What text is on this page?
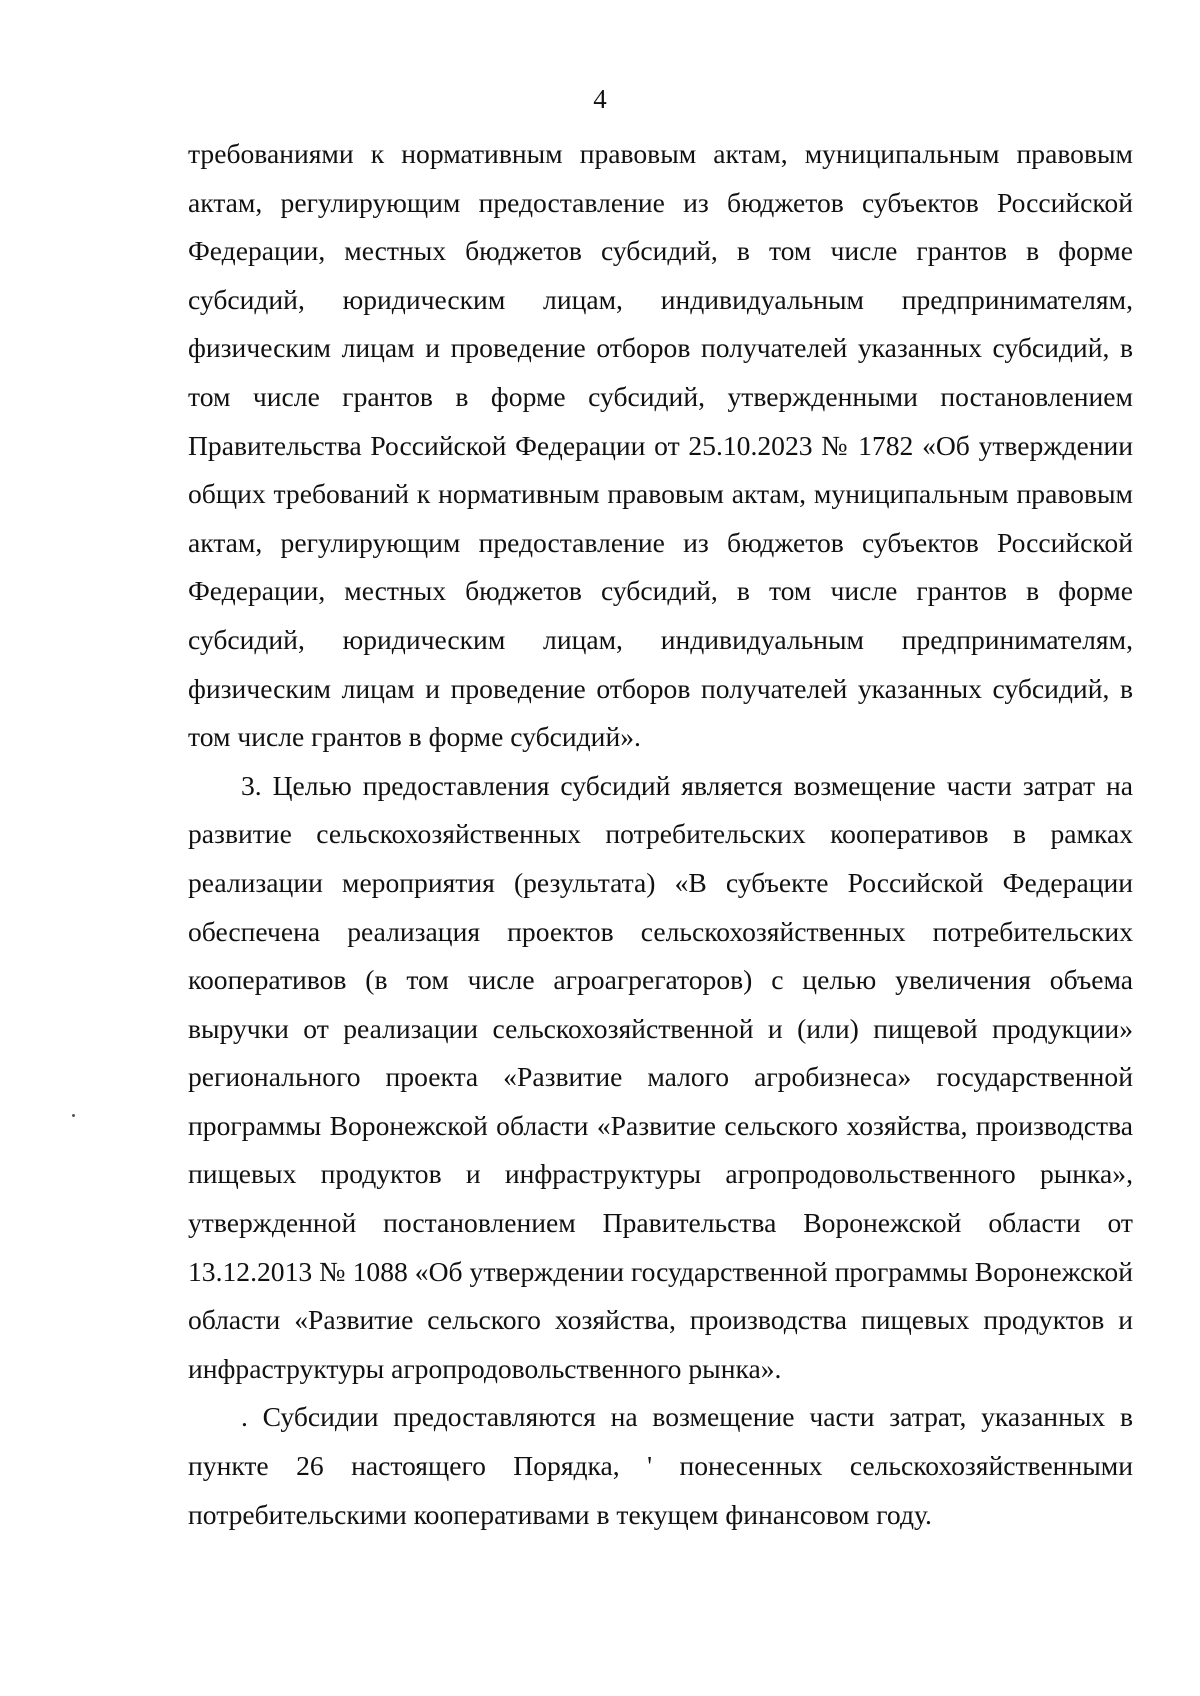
4

требованиями к нормативным правовым актам, муниципальным правовым актам, регулирующим предоставление из бюджетов субъектов Российской Федерации, местных бюджетов субсидий, в том числе грантов в форме субсидий, юридическим лицам, индивидуальным предпринимателям, физическим лицам и проведение отборов получателей указанных субсидий, в том числе грантов в форме субсидий, утвержденными постановлением Правительства Российской Федерации от 25.10.2023 № 1782 «Об утверждении общих требований к нормативным правовым актам, муниципальным правовым актам, регулирующим предоставление из бюджетов субъектов Российской Федерации, местных бюджетов субсидий, в том числе грантов в форме субсидий, юридическим лицам, индивидуальным предпринимателям, физическим лицам и проведение отборов получателей указанных субсидий, в том числе грантов в форме субсидий».

3. Целью предоставления субсидий является возмещение части затрат на развитие сельскохозяйственных потребительских кооперативов в рамках реализации мероприятия (результата) «В субъекте Российской Федерации обеспечена реализация проектов сельскохозяйственных потребительских кооперативов (в том числе агроагрегаторов) с целью увеличения объема выручки от реализации сельскохозяйственной и (или) пищевой продукции» регионального проекта «Развитие малого агробизнеса» государственной программы Воронежской области «Развитие сельского хозяйства, производства пищевых продуктов и инфраструктуры агропродовольственного рынка», утвержденной постановлением Правительства Воронежской области от 13.12.2013 № 1088 «Об утверждении государственной программы Воронежской области «Развитие сельского хозяйства, производства пищевых продуктов и инфраструктуры агропродовольственного рынка».

. Субсидии предоставляются на возмещение части затрат, указанных в пункте 26 настоящего Порядка, ' понесенных сельскохозяйственными потребительскими кооперативами в текущем финансовом году.
